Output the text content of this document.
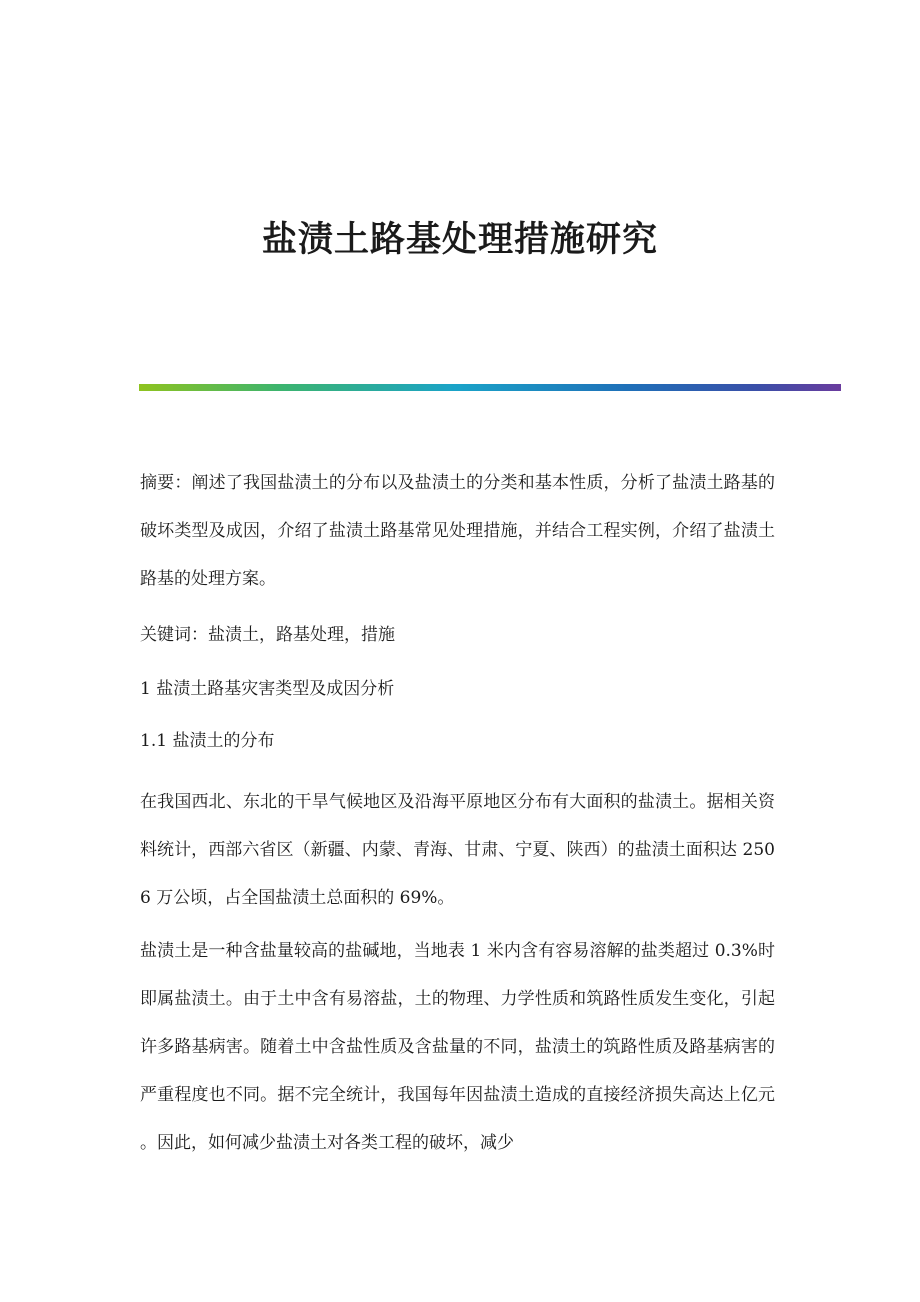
盐渍土路基处理措施研究

摘要：阐述了我国盐渍土的分布以及盐渍土的分类和基本性质，分析了盐渍土路基的破坏类型及成因，介绍了盐渍土路基常见处理措施，并结合工程实例，介绍了盐渍土路基的处理方案。

关键词：盐渍土，路基处理，措施

1 盐渍土路基灾害类型及成因分析

1.1 盐渍土的分布

在我国西北、东北的干旱气候地区及沿海平原地区分布有大面积的盐渍土。据相关资料统计，西部六省区（新疆、内蒙、青海、甘肃、宁夏、陕西）的盐渍土面积达 2506 万公顷，占全国盐渍土总面积的 69%。

盐渍土是一种含盐量较高的盐碱地，当地表 1 米内含有容易溶解的盐类超过 0.3%时即属盐渍土。由于土中含有易溶盐，土的物理、力学性质和筑路性质发生变化，引起许多路基病害。随着土中含盐性质及含盐量的不同，盐渍土的筑路性质及路基病害的严重程度也不同。据不完全统计，我国每年因盐渍土造成的直接经济损失高达上亿元。因此，如何减少盐渍土对各类工程的破坏，减少
